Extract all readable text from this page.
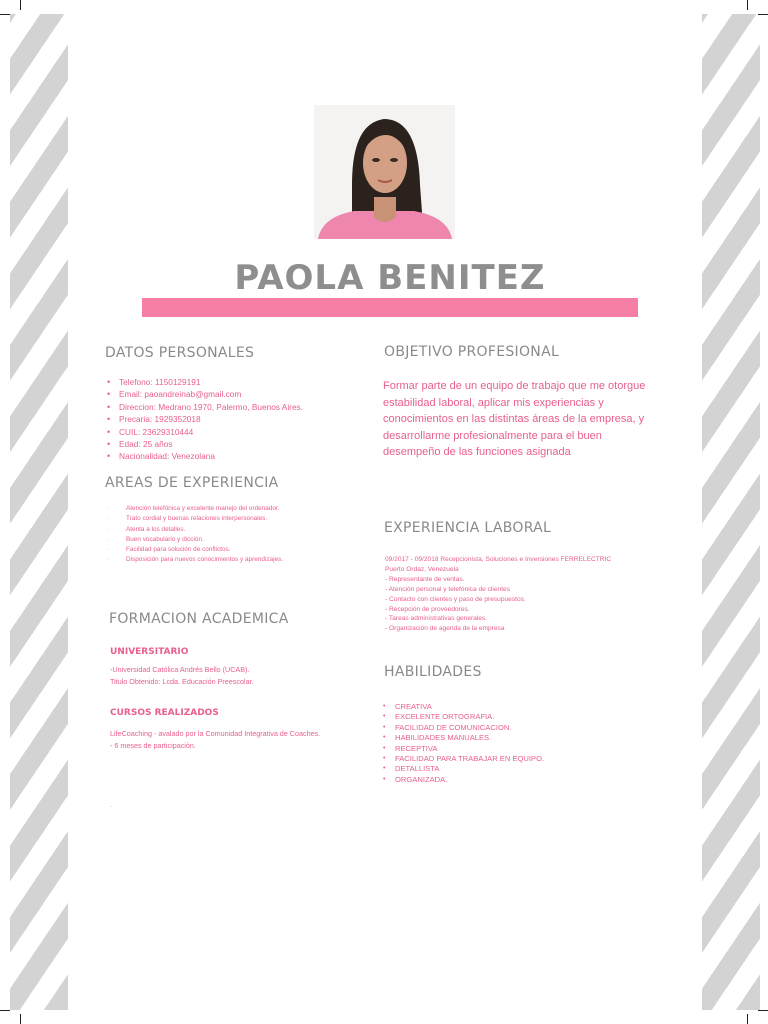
PAOLA BENITEZ
DATOS PERSONALES
• Telefono: 1150129191
• Email: paoandreinab@gmail.com
• Direccion: Medrano 1970, Palermo, Buenos Aires.
• Precaria: 1929352018
• CUIL: 23629310444
• Edad: 25 años
• Nacionalidad: Venezolana
AREAS DE EXPERIENCIA
· Atención telefónica y excelente manejo del ordenador.
· Trato cordial y buenas relaciones interpersonales.
· Atenta a los detalles.
· Buen vocabulario y dicción.
· Facilidad para solución de conflictos.
· Disposición para nuevos conocimientos y aprendizajes.
FORMACION ACADEMICA
UNIVERSITARIO
-Universidad Católica Andrés Bello (UCAB).
Titulo Obtenido: Lcda. Educación Preescolar.
CURSOS REALIZADOS
LifeCoaching - avalado por la Comunidad Integrativa de Coaches.
- 6 meses de participación.
.
OBJETIVO PROFESIONAL

Formar parte de un equipo de trabajo que me otorgue estabilidad laboral, aplicar mis experiencias y conocimientos en las distintas áreas de la empresa, y desarrollarme profesionalmente para el buen desempeño de las funciones asignada

EXPERIENCIA LABORAL
09/2017 - 09/2018 Recepcionista, Soluciones e Inversiones FERRELECTRIC
Puerto Ordaz, Venezuela
- Representante de ventas.
- Atención personal y telefónica de clientes
- Contacto con clientes y paso de presupuestos.
- Recepción de proveedores.
- Tareas administrativas generales.
- Organización de agenda de la empresa
HABILIDADES
• CREATIVA
• EXCELENTE ORTOGRAFIA.
• FACILIDAD DE COMUNICACION.
• HABILIDADES MANUALES.
• RECEPTIVA
• FACILIDAD PARA TRABAJAR EN EQUIPO.
• DETALLISTA
• ORGANIZADA.
